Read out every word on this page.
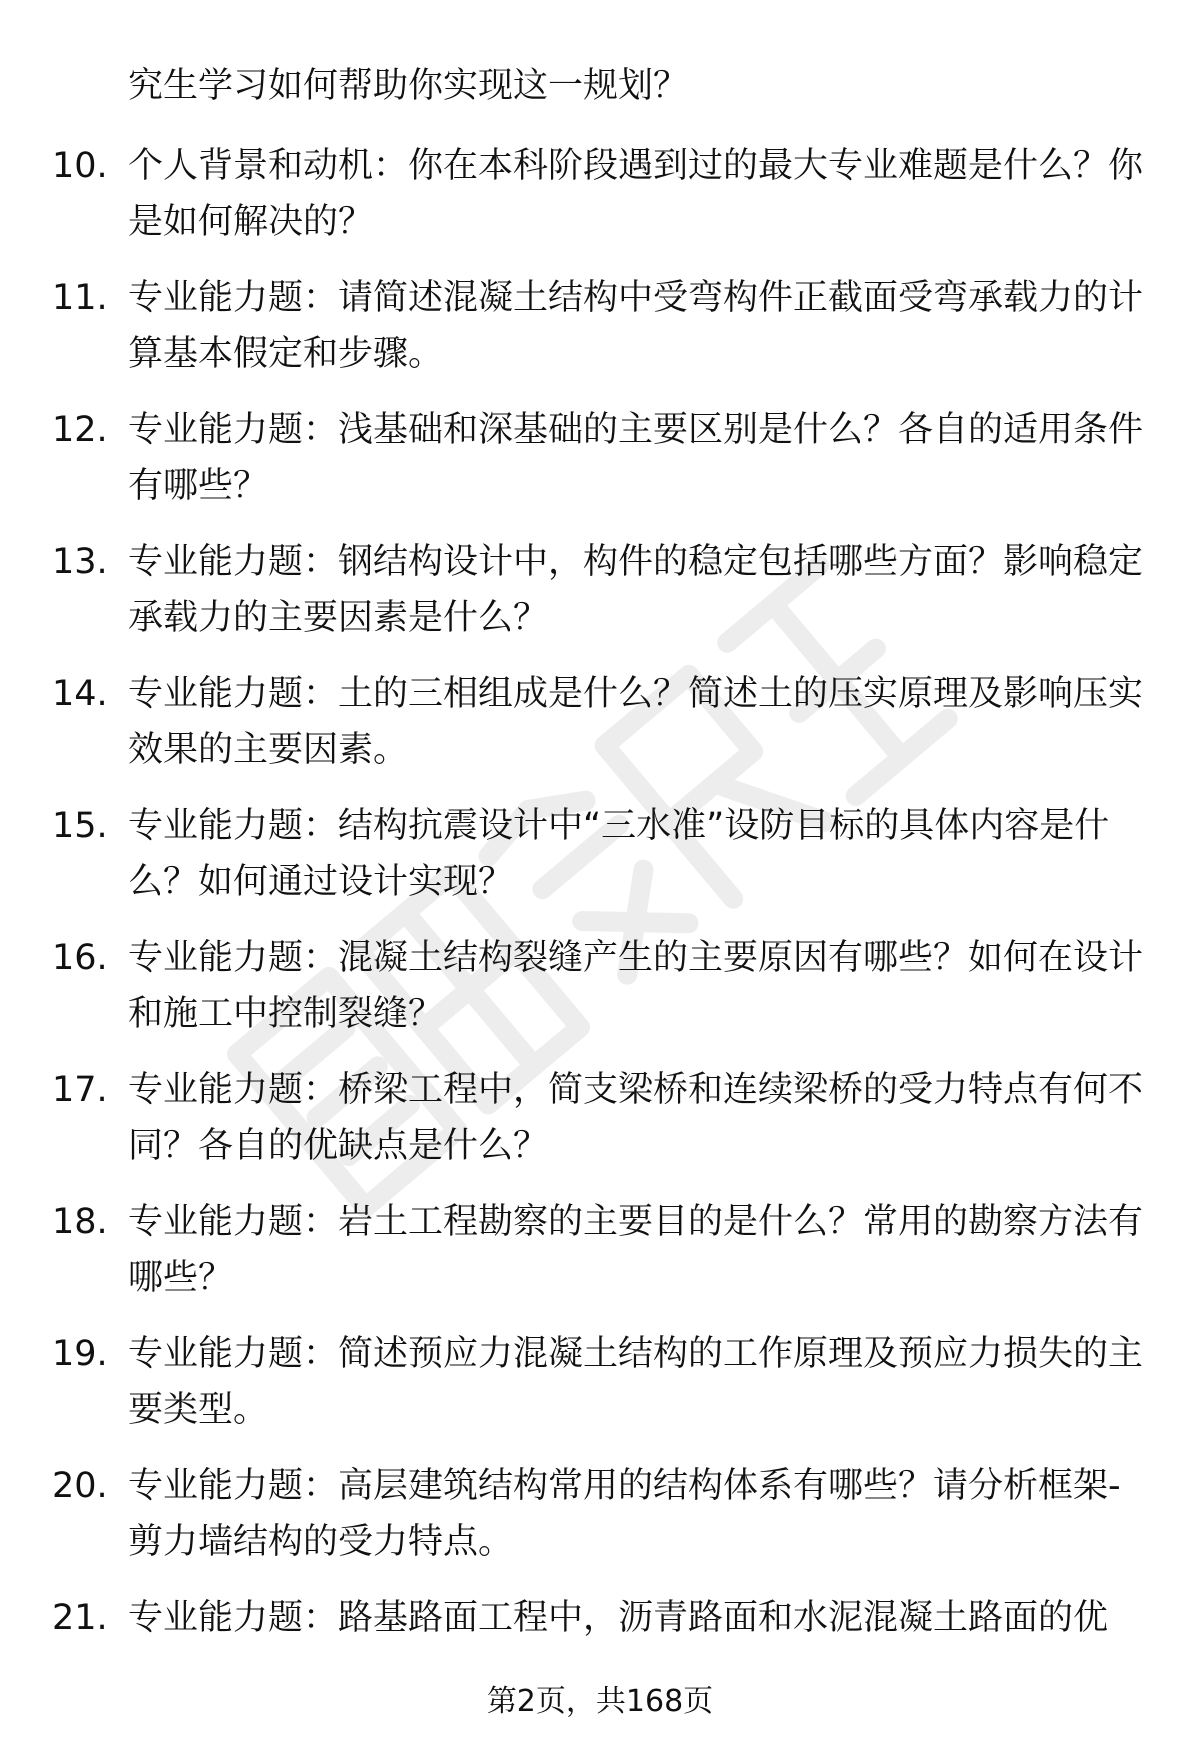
究生学习如何帮助你实现这一规划？
10. 个人背景和动机：你在本科阶段遇到过的最大专业难题是什么？你是如何解决的？
11. 专业能力题：请简述混凝土结构中受弯构件正截面受弯承载力的计算基本假定和步骤。
12. 专业能力题：浅基础和深基础的主要区别是什么？各自的适用条件有哪些？
13. 专业能力题：钢结构设计中，构件的稳定包括哪些方面？影响稳定承载力的主要因素是什么？
14. 专业能力题：土的三相组成是什么？简述土的压实原理及影响压实效果的主要因素。
15. 专业能力题：结构抗震设计中“三水准”设防目标的具体内容是什么？如何通过设计实现？
16. 专业能力题：混凝土结构裂缝产生的主要原因有哪些？如何在设计和施工中控制裂缝？
17. 专业能力题：桥梁工程中，简支梁桥和连续梁桥的受力特点有何不同？各自的优缺点是什么？
18. 专业能力题：岩土工程勘察的主要目的是什么？常用的勘察方法有哪些？
19. 专业能力题：简述预应力混凝土结构的工作原理及预应力损失的主要类型。
20. 专业能力题：高层建筑结构常用的结构体系有哪些？请分析框架-剪力墙结构的受力特点。
21. 专业能力题：路基路面工程中，沥青路面和水泥混凝土路面的优
第2页，共168页
